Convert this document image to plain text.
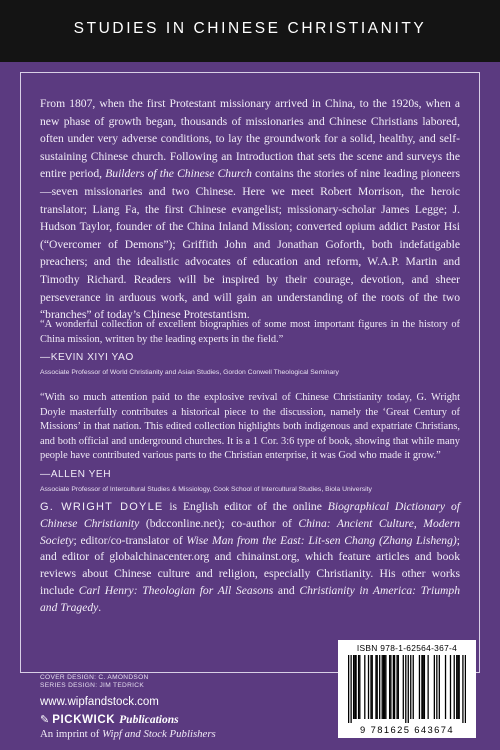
STUDIES IN CHINESE CHRISTIANITY

From 1807, when the first Protestant missionary arrived in China, to the 1920s, when a new phase of growth began, thousands of missionaries and Chinese Christians labored, often under very adverse conditions, to lay the groundwork for a solid, healthy, and self-sustaining Chinese church. Following an Introduction that sets the scene and surveys the entire period, Builders of the Chinese Church contains the stories of nine leading pioneers—seven missionaries and two Chinese. Here we meet Robert Morrison, the heroic translator; Liang Fa, the first Chinese evangelist; missionary-scholar James Legge; J. Hudson Taylor, founder of the China Inland Mission; converted opium addict Pastor Hsi (“Overcomer of Demons”); Griffith John and Jonathan Goforth, both indefatigable preachers; and the idealistic advocates of education and reform, W.A.P. Martin and Timothy Richard. Readers will be inspired by their courage, devotion, and sheer perseverance in arduous work, and will gain an understanding of the roots of the two “branches” of today’s Chinese Protestantism.

“A wonderful collection of excellent biographies of some most important figures in the history of China mission, written by the leading experts in the field.”
—KEVIN XIYI YAO
Associate Professor of World Christianity and Asian Studies, Gordon Conwell Theological Seminary
“With so much attention paid to the explosive revival of Chinese Christianity today, G. Wright Doyle masterfully contributes a historical piece to the discussion, namely the ‘Great Century of Missions’ in that nation. This edited collection highlights both indigenous and expatriate Christians, and both official and underground churches. It is a 1 Cor. 3:6 type of book, showing that while many people have contributed various parts to the Christian enterprise, it was God who made it grow.”
—ALLEN YEH
Associate Professor of Intercultural Studies & Missiology, Cook School of Intercultural Studies, Biola University
G. WRIGHT DOYLE is English editor of the online Biographical Dictionary of Chinese Christianity (bdcconline.net); co-author of China: Ancient Culture, Modern Society; editor/co-translator of Wise Man from the East: Lit-sen Chang (Zhang Lisheng); and editor of globalchinacenter.org and chinainst.org, which feature articles and book reviews about Chinese culture and religion, especially Christianity. His other works include Carl Henry: Theologian for All Seasons and Christianity in America: Triumph and Tragedy.
COVER DESIGN: C. AMONDSON
SERIES DESIGN: JIM TEDRICK
www.wipfandstock.com
✎ PICKWICK Publications
An imprint of Wipf and Stock Publishers
ISBN 978-1-62564-367-4
9 781625 643674
